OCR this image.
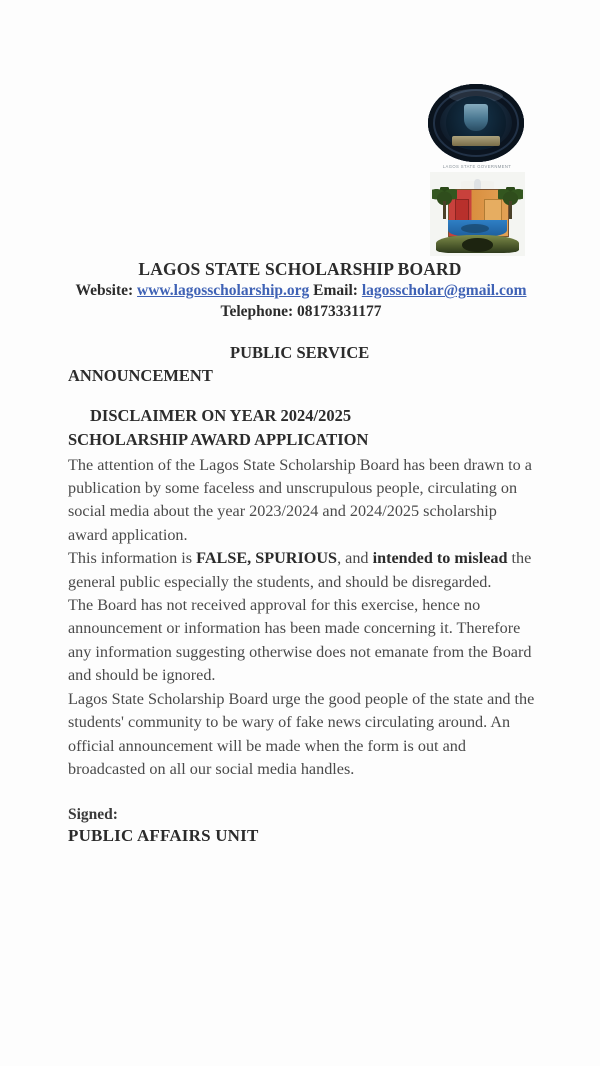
LAGOS STATE GOVERNMENT
LAGOS STATE SCHOLARSHIP BOARD
Website: www.lagosscholarship.org Email: lagosscholar@gmail.com Telephone: 08173331177
PUBLIC SERVICE
ANNOUNCEMENT
DISCLAIMER ON YEAR 2024/2025
SCHOLARSHIP AWARD APPLICATION

The attention of the Lagos State Scholarship Board has been drawn to a publication by some faceless and unscrupulous people, circulating on social media about the year 2023/2024 and 2024/2025 scholarship award application.

This information is FALSE, SPURIOUS, and intended to mislead the general public especially the students, and should be disregarded.

The Board has not received approval for this exercise, hence no announcement or information has been made concerning it. Therefore any information suggesting otherwise does not emanate from the Board and should be ignored.

Lagos State Scholarship Board urge the good people of the state and the students' community to be wary of fake news circulating around. An official announcement will be made when the form is out and broadcasted on all our social media handles.

Signed:
PUBLIC AFFAIRS UNIT
